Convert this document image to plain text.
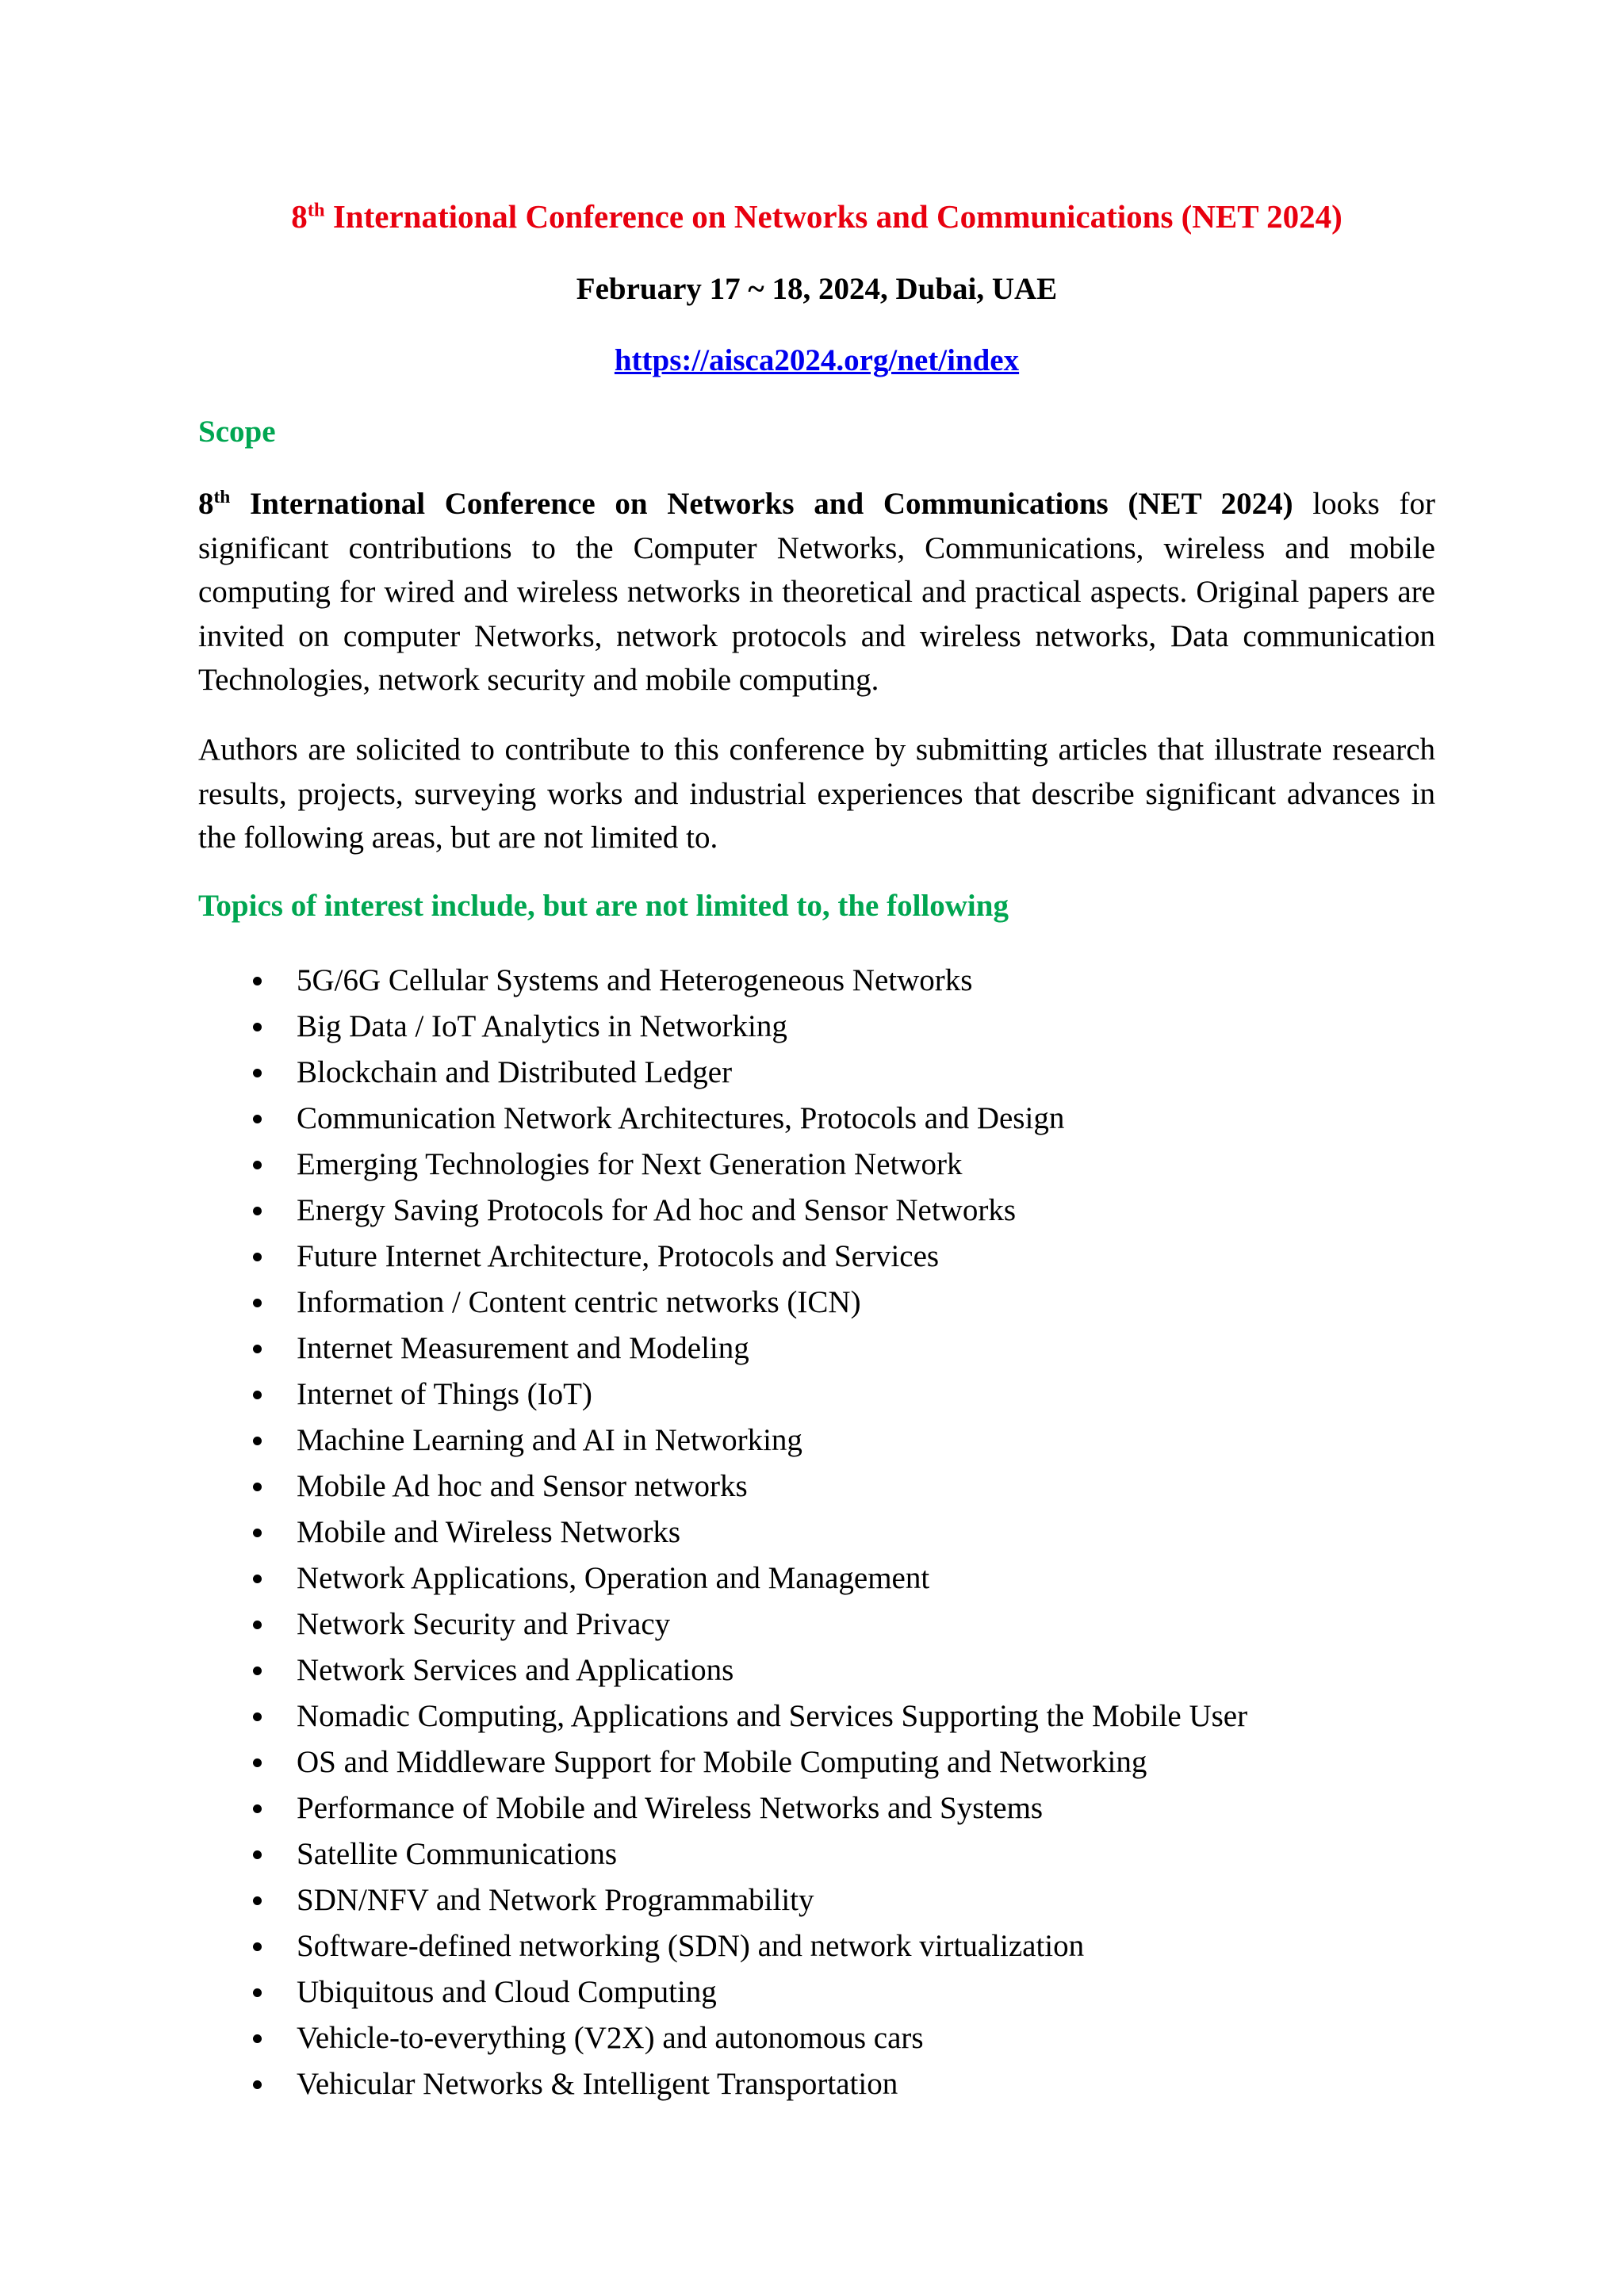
8th International Conference on Networks and Communications (NET 2024)

February 17 ~ 18, 2024, Dubai, UAE

https://aisca2024.org/net/index

Scope

8th International Conference on Networks and Communications (NET 2024) looks for significant contributions to the Computer Networks, Communications, wireless and mobile computing for wired and wireless networks in theoretical and practical aspects. Original papers are invited on computer Networks, network protocols and wireless networks, Data communication Technologies, network security and mobile computing.

Authors are solicited to contribute to this conference by submitting articles that illustrate research results, projects, surveying works and industrial experiences that describe significant advances in the following areas, but are not limited to.

Topics of interest include, but are not limited to, the following
5G/6G Cellular Systems and Heterogeneous Networks
Big Data / IoT Analytics in Networking
Blockchain and Distributed Ledger
Communication Network Architectures, Protocols and Design
Emerging Technologies for Next Generation Network
Energy Saving Protocols for Ad hoc and Sensor Networks
Future Internet Architecture, Protocols and Services
Information / Content centric networks (ICN)
Internet Measurement and Modeling
Internet of Things (IoT)
Machine Learning and AI in Networking
Mobile Ad hoc and Sensor networks
Mobile and Wireless Networks
Network Applications, Operation and Management
Network Security and Privacy
Network Services and Applications
Nomadic Computing, Applications and Services Supporting the Mobile User
OS and Middleware Support for Mobile Computing and Networking
Performance of Mobile and Wireless Networks and Systems
Satellite Communications
SDN/NFV and Network Programmability
Software-defined networking (SDN) and network virtualization
Ubiquitous and Cloud Computing
Vehicle-to-everything (V2X) and autonomous cars
Vehicular Networks & Intelligent Transportation
